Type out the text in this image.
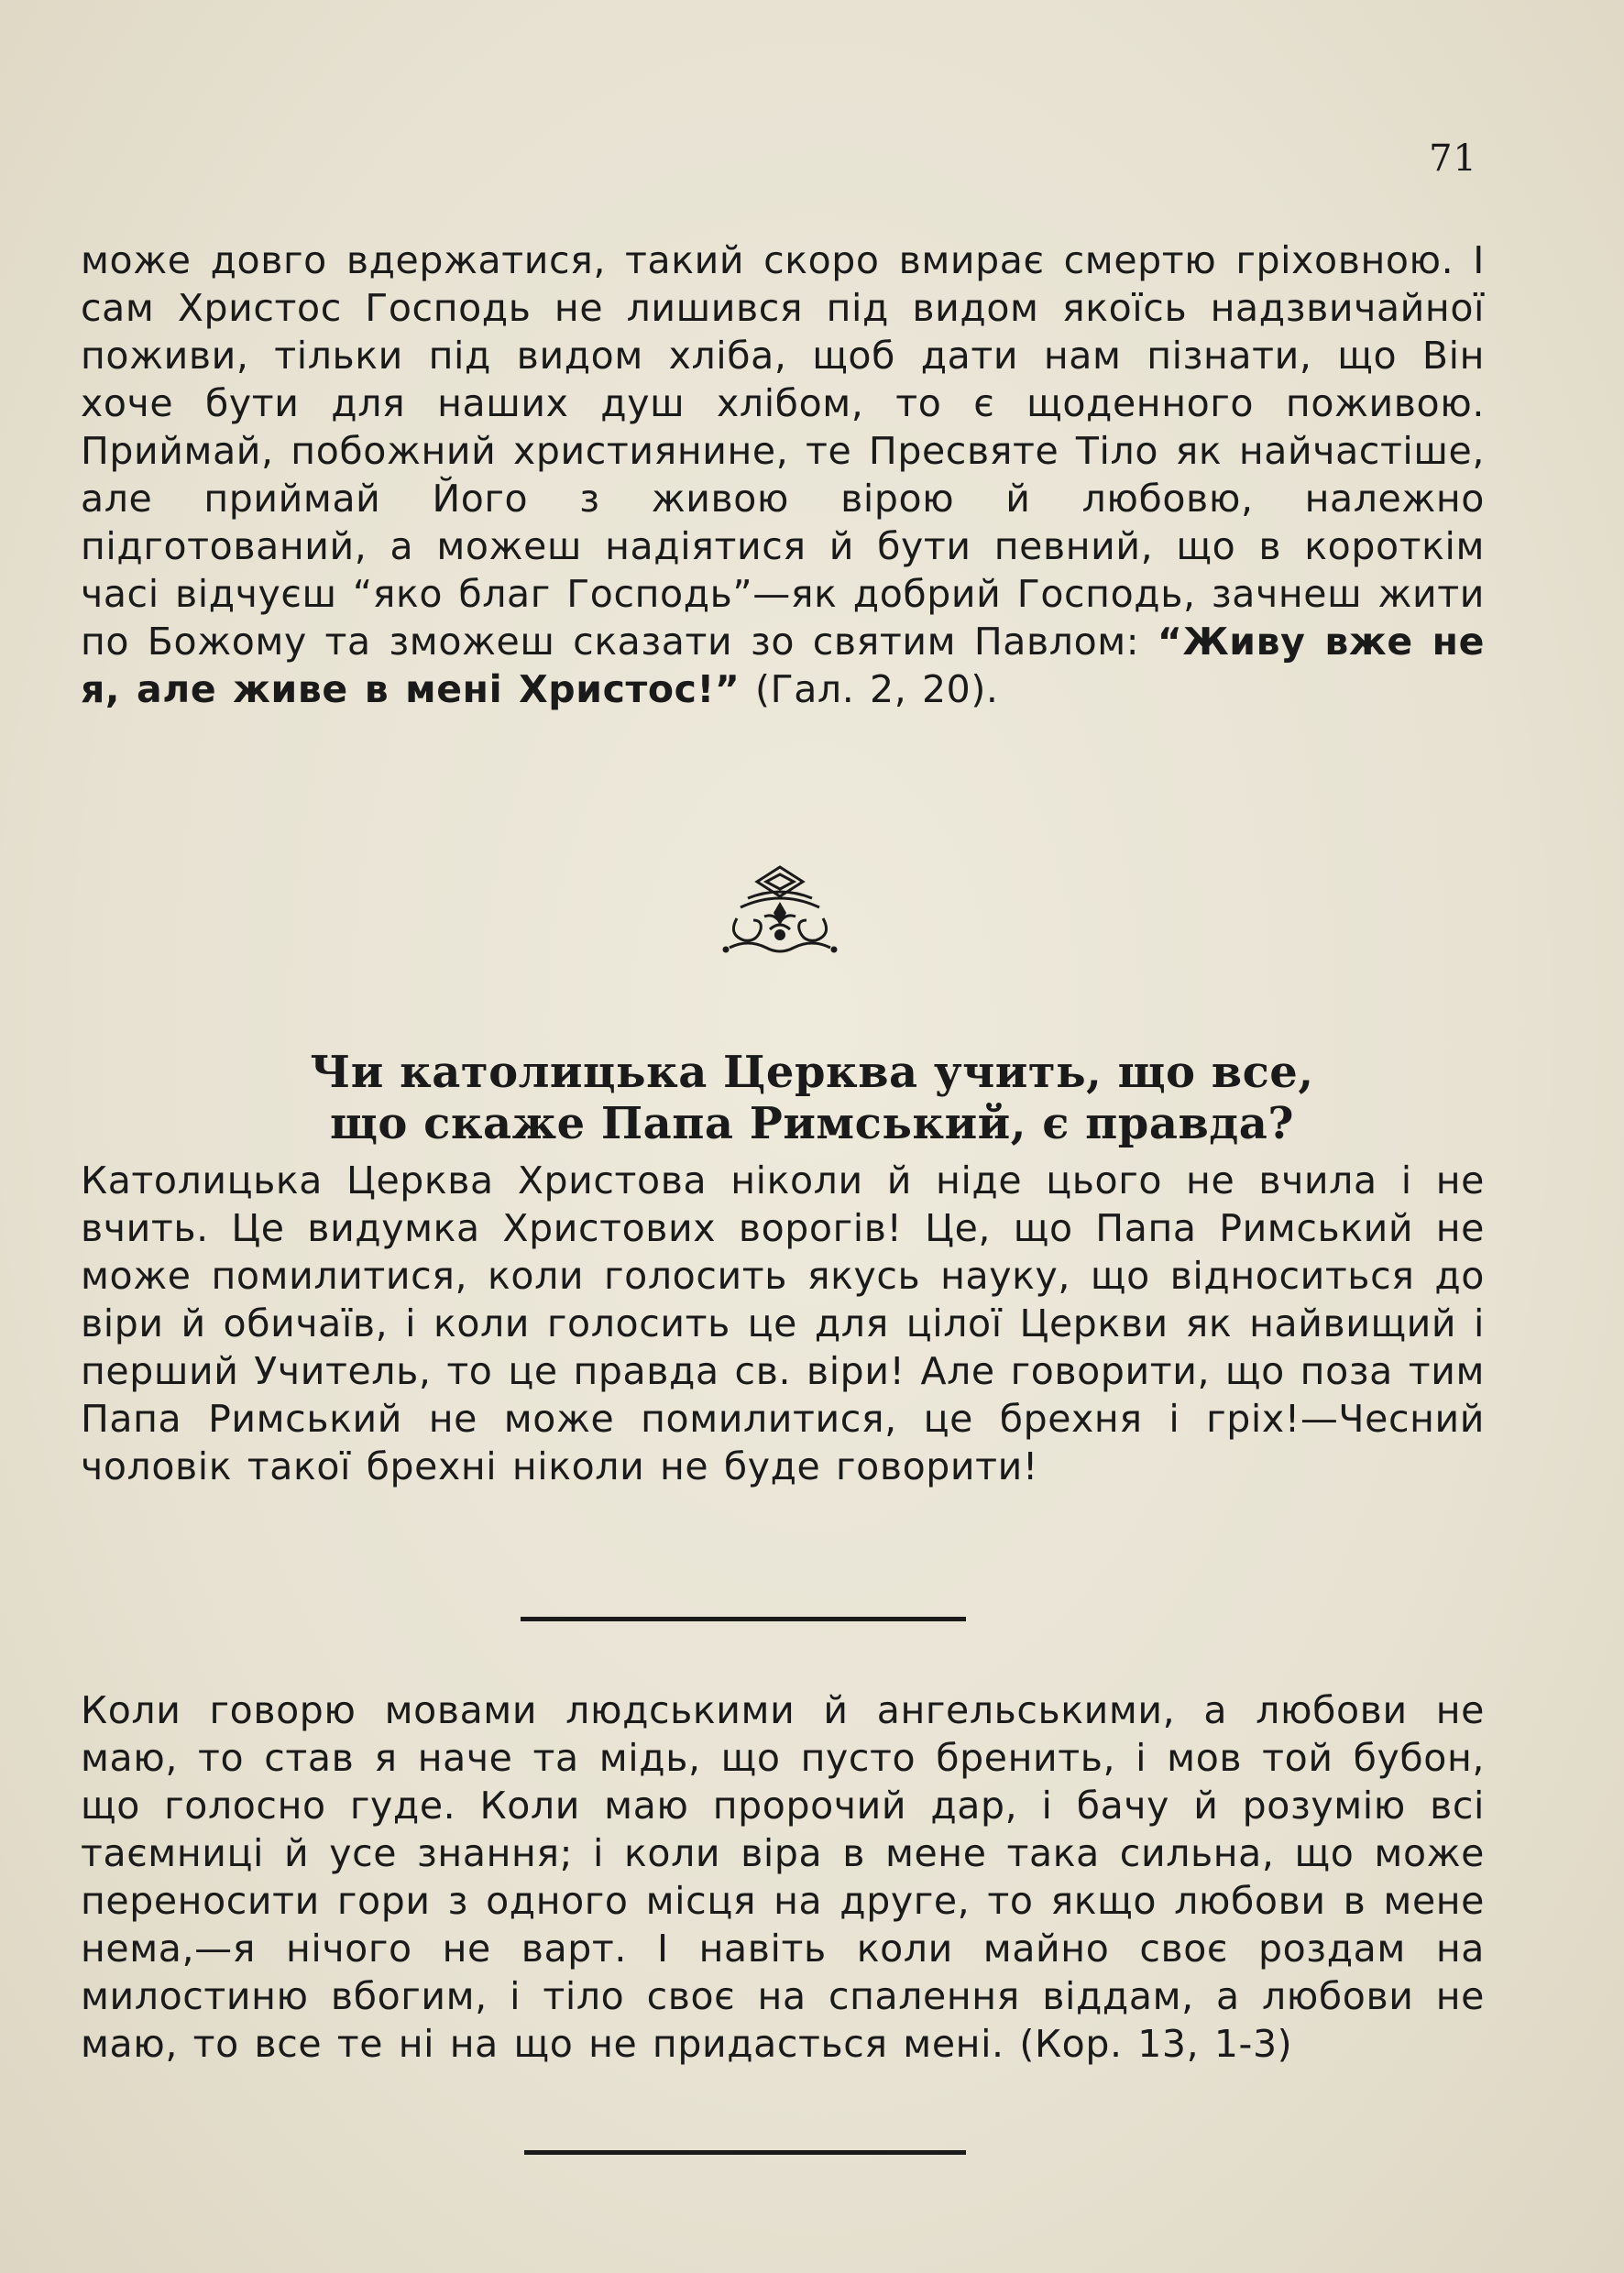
71

може довго вдержатися, такий скоро вмирає смертю гріховною. І сам Христос Господь не лишився під видом якоїсь надзвичайної поживи, тільки під видом хліба, щоб дати нам пізнати, що Він хоче бути для наших душ хлібом, то є щоденного поживою. Приймай, побожний християнине, те Пресвяте Тіло як найчастіше, але приймай Його з живою вірою й любовю, належно підготований, а можеш надіятися й бути певний, що в короткім часі відчуєш “яко благ Господь”—як добрий Господь, зачнеш жити по Божому та зможеш сказати зо святим Павлом: “Живу вже не я, але живе в мені Христос!” (Гал. 2, 20).

Чи католицька Церква учить, що все,
що скаже Папа Римський, є правда?

Католицька Церква Христова ніколи й ніде цього не вчила і не вчить. Це видумка Христових ворогів! Це, що Папа Римський не може помилитися, коли голосить якусь науку, що відноситься до віри й обичаїв, і коли голосить це для цілої Церкви як найвищий і перший Учитель, то це правда св. віри! Але говорити, що поза тим Папа Римський не може помилитися, це брехня і гріх!—Чесний чоловік такої брехні ніколи не буде говорити!

Коли говорю мовами людськими й ангельськими, а любови не маю, то став я наче та мідь, що пусто бренить, і мов той бубон, що голосно гуде. Коли маю пророчий дар, і бачу й розумію всі таємниці й усе знання; і коли віра в мене така сильна, що може переносити гори з одного місця на друге, то якщо любови в мене нема,—я нічого не варт. І навіть коли майно своє роздам на милостиню вбогим, і тіло своє на спалення віддам, а любови не маю, то все те ні на що не придасться мені. (Кор. 13, 1-3)
